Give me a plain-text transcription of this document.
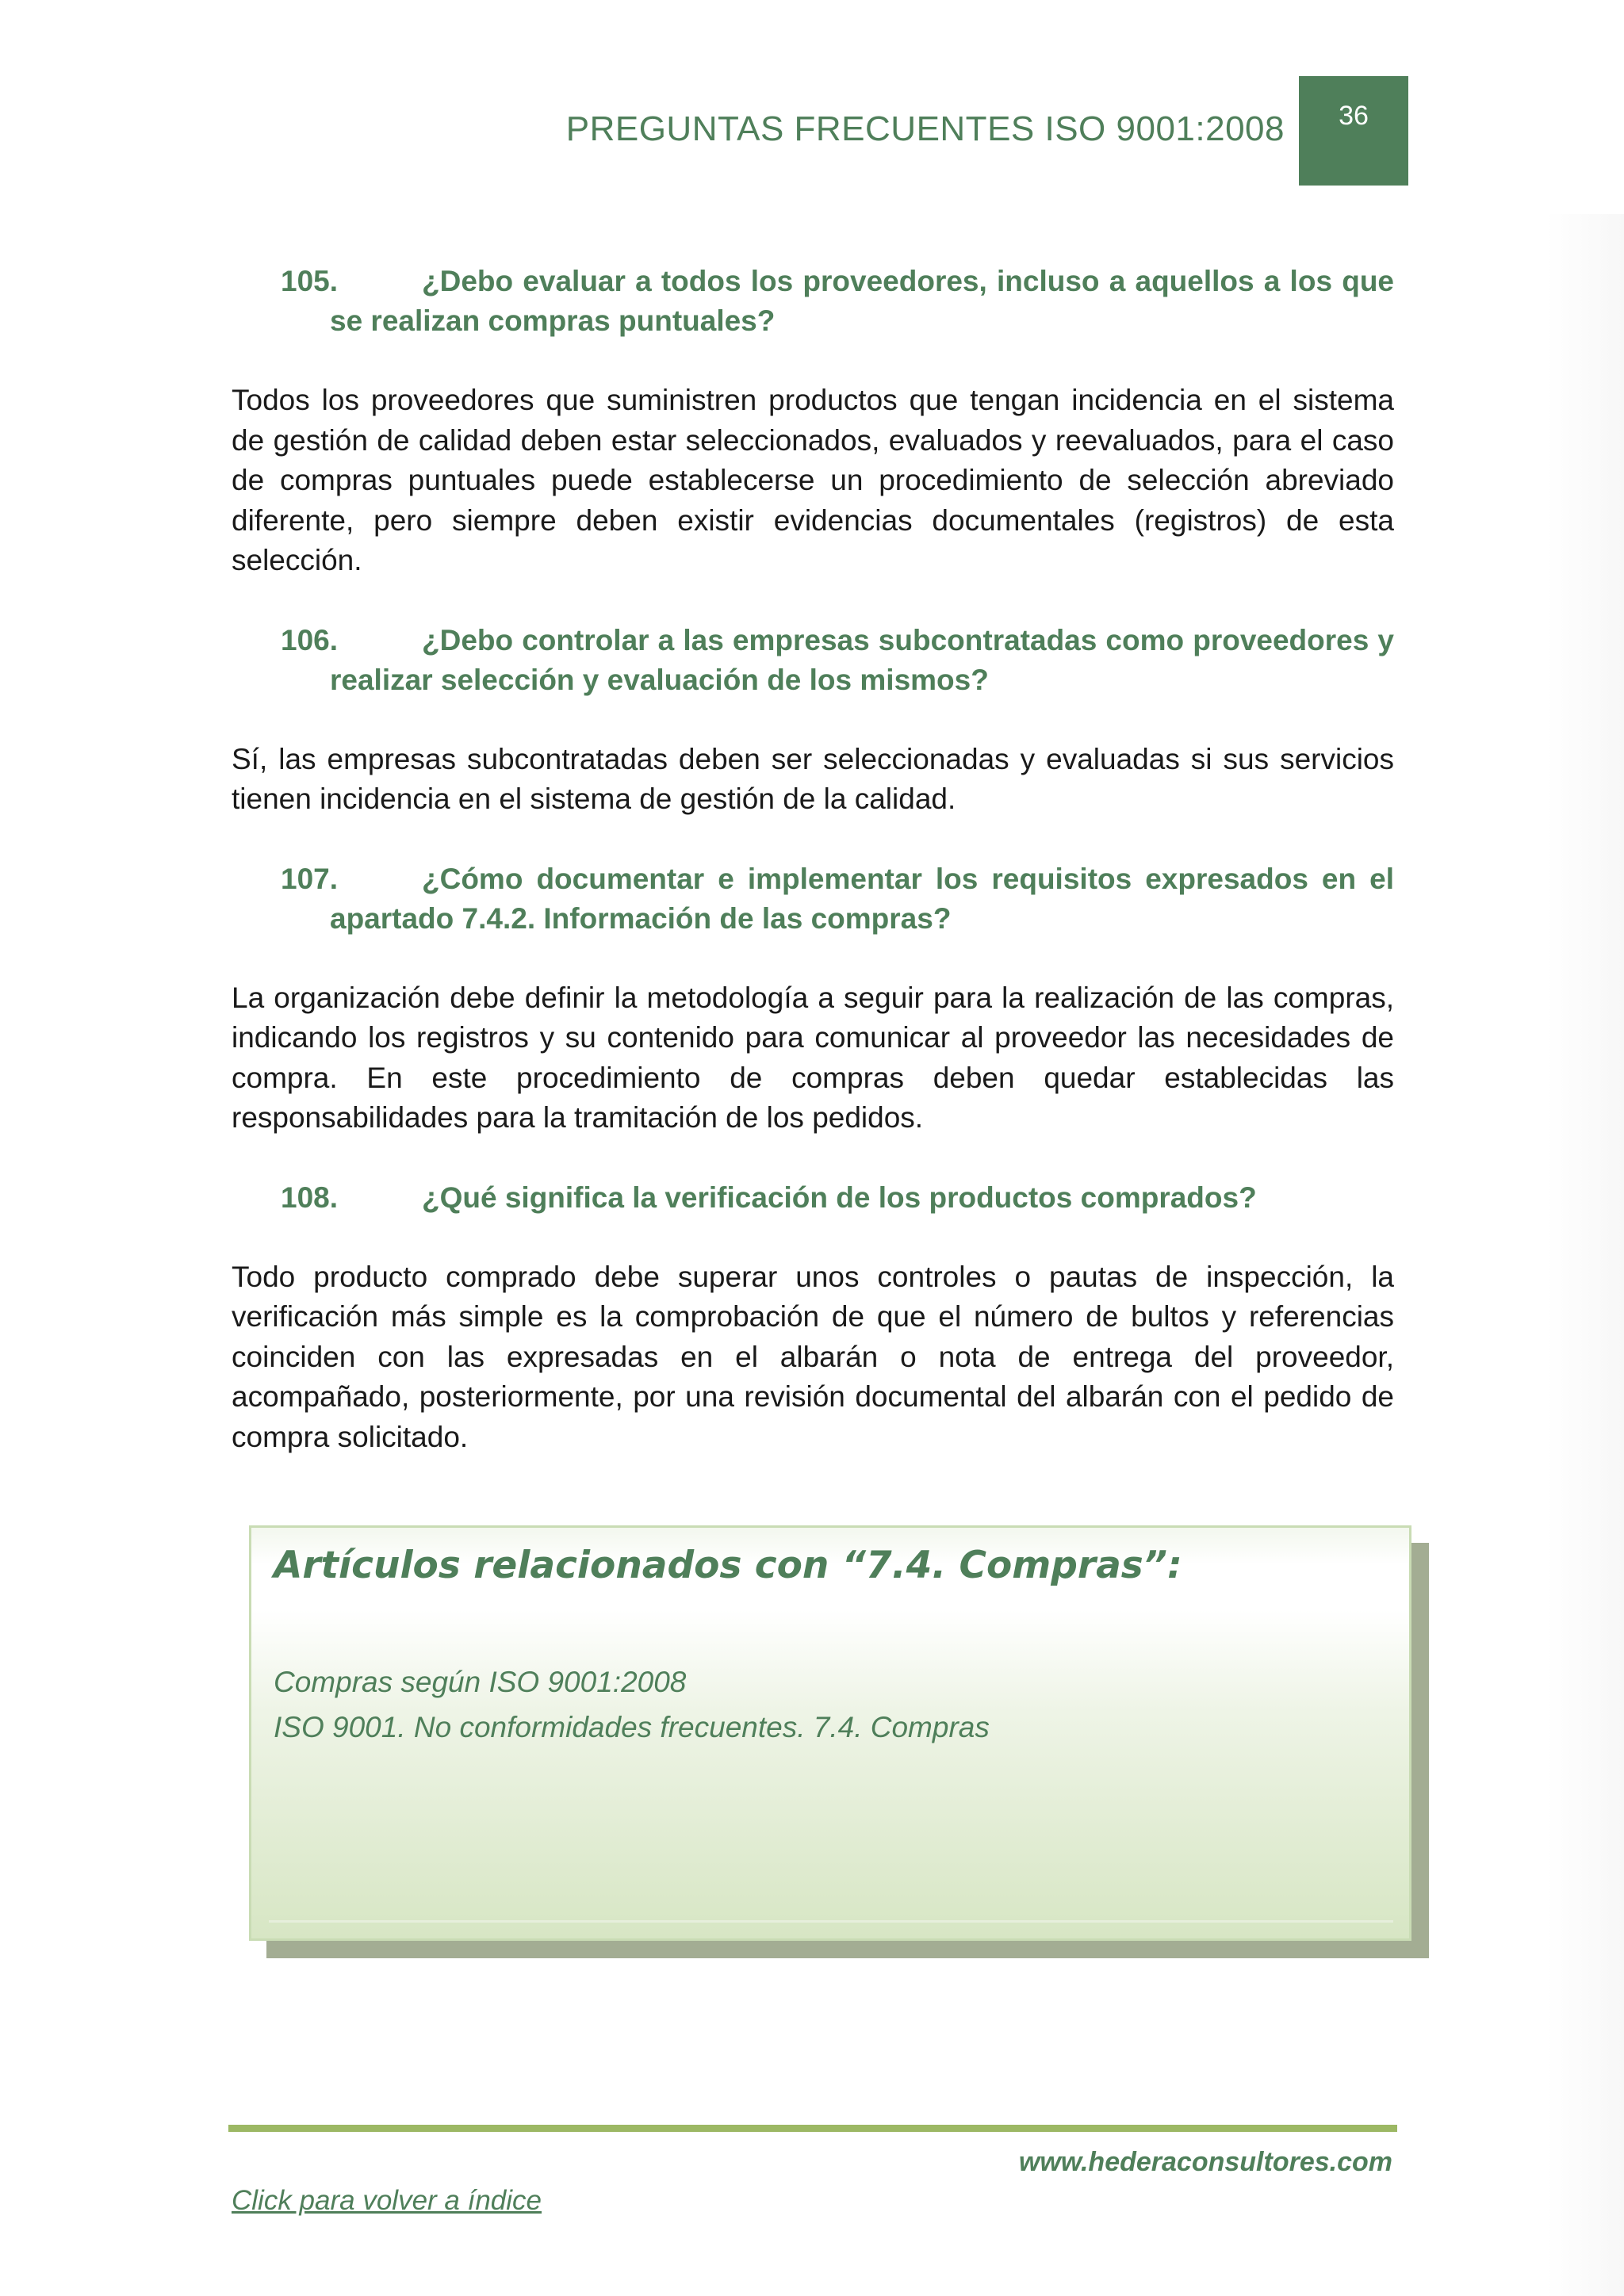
PREGUNTAS FRECUENTES ISO 9001:2008 36
105.	¿Debo evaluar a todos los proveedores, incluso a aquellos a los que se realizan compras puntuales?

Todos los proveedores que suministren productos que tengan incidencia en el sistema de gestión de calidad deben estar seleccionados, evaluados y reevaluados, para el caso de compras puntuales puede establecerse un procedimiento de selección abreviado diferente, pero siempre deben existir evidencias documentales (registros) de esta selección.

106.	¿Debo controlar a las empresas subcontratadas como proveedores y realizar selección y evaluación de los mismos?

Sí, las empresas subcontratadas deben ser seleccionadas y evaluadas si sus servicios tienen incidencia en el sistema de gestión de la calidad.

107.	¿Cómo documentar e implementar los requisitos expresados en el apartado 7.4.2. Información de las compras?

La organización debe definir la metodología a seguir para la realización de las compras, indicando los registros y su contenido para comunicar al proveedor las necesidades de compra. En este procedimiento de compras deben quedar establecidas las responsabilidades para la tramitación de los pedidos.

108.	¿Qué significa la verificación de los productos comprados?

Todo producto comprado debe superar unos controles o pautas de inspección, la verificación más simple es la comprobación de que el número de bultos y referencias coinciden con las expresadas en el albarán o nota de entrega del proveedor, acompañado, posteriormente, por una revisión documental del albarán con el pedido de compra solicitado.

Artículos relacionados con “7.4. Compras”:
Compras según ISO 9001:2008
ISO 9001. No conformidades frecuentes. 7.4. Compras
www.hederaconsultores.com
Click para volver a índice
